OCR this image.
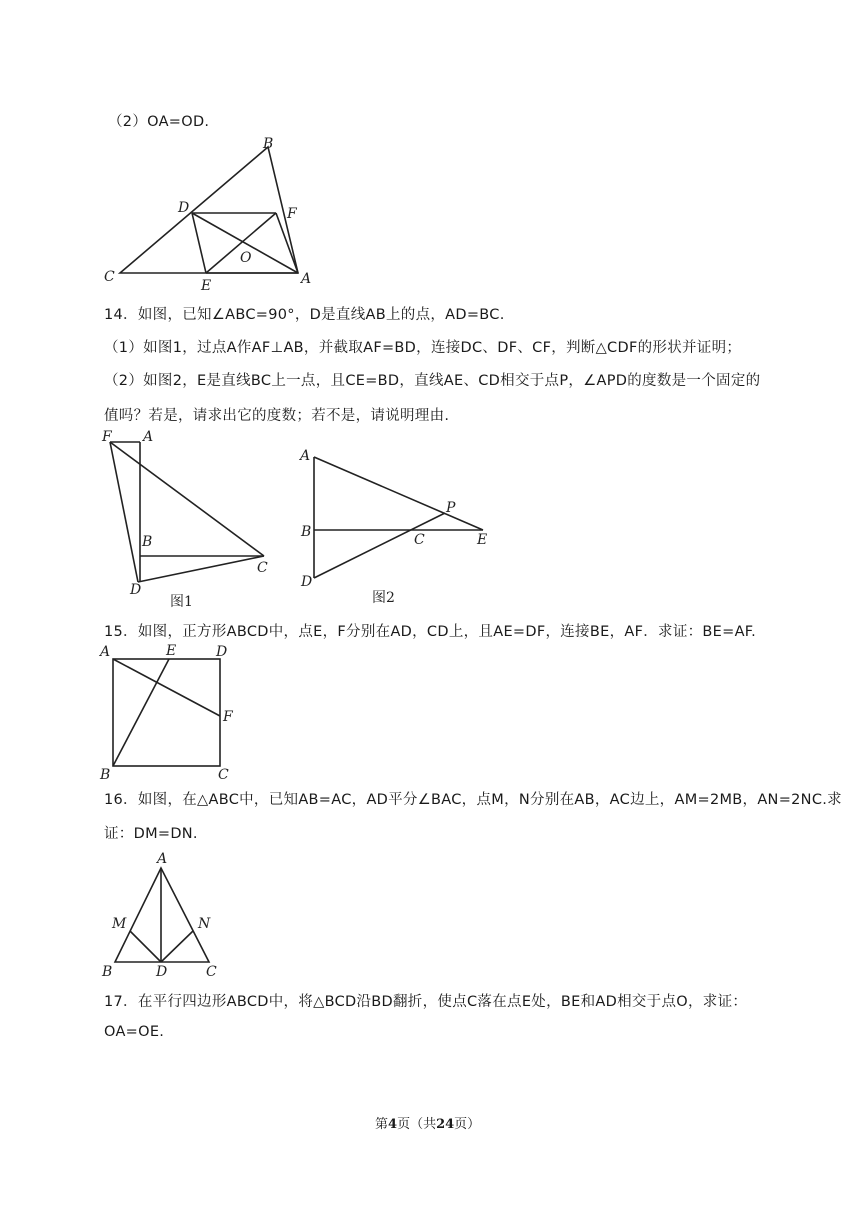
（2）OA=OD.
B
D	F
O
C
E	A
14．如图，已知∠ABC=90°，D是直线AB上的点，AD=BC.
（1）如图1，过点A作AF⊥AB，并截取AF=BD，连接DC、DF、CF，判断△CDF的形状并证明；
（2）如图2，E是直线BC上一点，且CE=BD，直线AE、CD相交于点P，∠APD的度数是一个固定的
值吗？若是，请求出它的度数；若不是，请说明理由.
F A
B
C
D
图1
A
P
B	C	E
D
图2
15．如图，正方形ABCD中，点E，F分别在AD，CD上，且AE=DF，连接BE，AF．求证：BE=AF.
A	E	D
F
B	C
16．如图，在△ABC中，已知AB=AC，AD平分∠BAC，点M，N分别在AB，AC边上，AM=2MB，AN=2NC.求
证：DM=DN.
A
M	N
B	D	C
17．在平行四边形ABCD中，将△BCD沿BD翻折，使点C落在点E处，BE和AD相交于点O，求证：
OA=OE.
第4页（共24页）
